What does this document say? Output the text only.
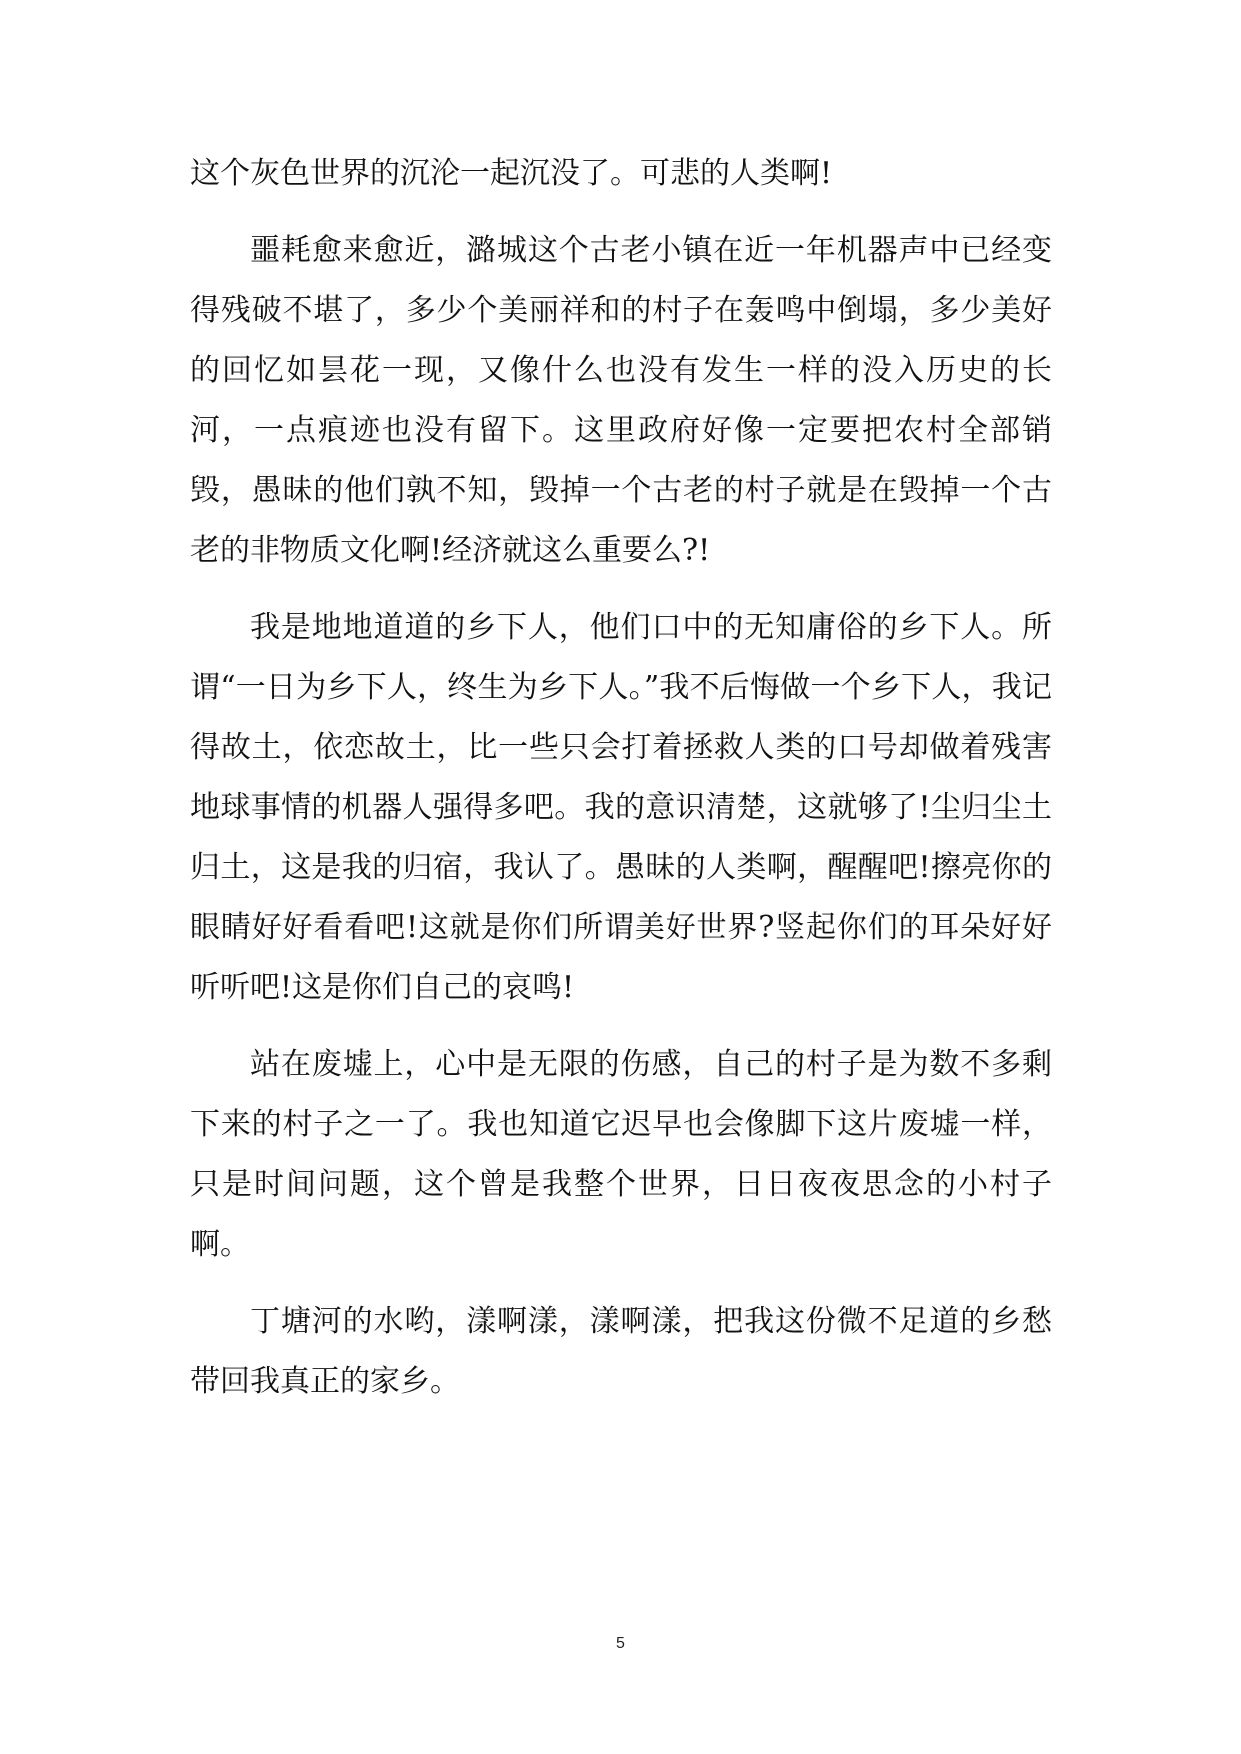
这个灰色世界的沉沦一起沉没了。可悲的人类啊!

噩耗愈来愈近，潞城这个古老小镇在近一年机器声中已经变得残破不堪了，多少个美丽祥和的村子在轰鸣中倒塌，多少美好的回忆如昙花一现，又像什么也没有发生一样的没入历史的长河，一点痕迹也没有留下。这里政府好像一定要把农村全部销毁，愚昧的他们孰不知，毁掉一个古老的村子就是在毁掉一个古老的非物质文化啊!经济就这么重要么?!

我是地地道道的乡下人，他们口中的无知庸俗的乡下人。所谓“一日为乡下人，终生为乡下人。”我不后悔做一个乡下人，我记得故土，依恋故土，比一些只会打着拯救人类的口号却做着残害地球事情的机器人强得多吧。我的意识清楚，这就够了!尘归尘土归土，这是我的归宿，我认了。愚昧的人类啊，醒醒吧!擦亮你的眼睛好好看看吧!这就是你们所谓美好世界?竖起你们的耳朵好好听听吧!这是你们自己的哀鸣!

站在废墟上，心中是无限的伤感，自己的村子是为数不多剩下来的村子之一了。我也知道它迟早也会像脚下这片废墟一样，只是时间问题，这个曾是我整个世界，日日夜夜思念的小村子啊。

丁塘河的水哟，漾啊漾，漾啊漾，把我这份微不足道的乡愁带回我真正的家乡。

5
